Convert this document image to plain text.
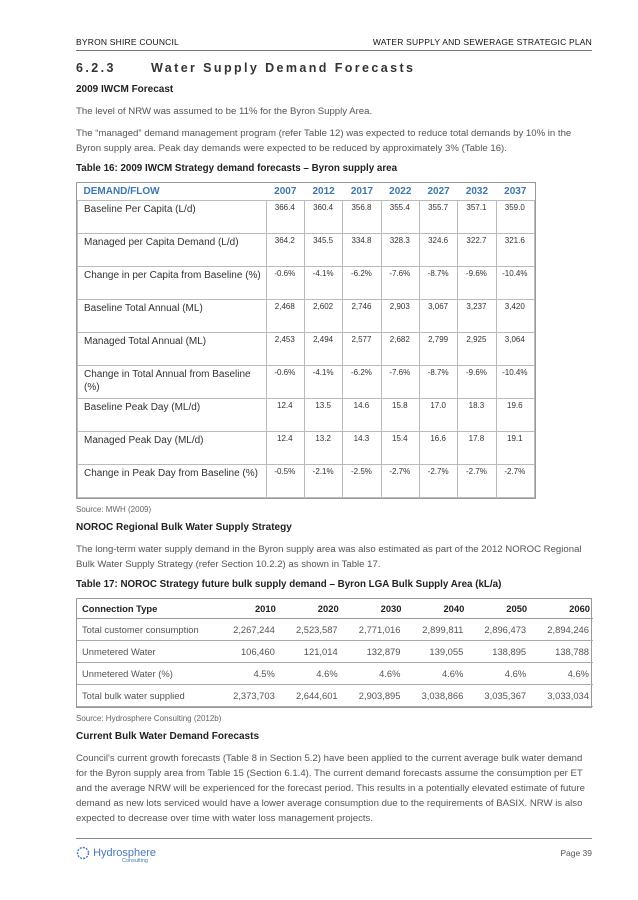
BYRON SHIRE COUNCIL	WATER SUPPLY AND SEWERAGE STRATEGIC PLAN
6.2.3      Water Supply Demand Forecasts
2009 IWCM Forecast

The level of NRW was assumed to be 11% for the Byron Supply Area.

The “managed” demand management program (refer Table 12) was expected to reduce total demands by 10% in the Byron supply area. Peak day demands were expected to be reduced by approximately 3% (Table 16).

Table 16: 2009 IWCM Strategy demand forecasts – Byron supply area
DEMAND/FLOW	2007	2012	2017	2022	2027	2032	2037
Baseline Per Capita (L/d)	366.4	360.4	356.8	355.4	355.7	357.1	359.0
Managed per Capita Demand (L/d)	364.2	345.5	334.8	328.3	324.6	322.7	321.6
Change in per Capita from Baseline (%)	-0.6%	-4.1%	-6.2%	-7.6%	-8.7%	-9.6%	-10.4%
Baseline Total Annual (ML)	2,468	2,602	2,746	2,903	3,067	3,237	3,420
Managed Total Annual (ML)	2,453	2,494	2,577	2,682	2,799	2,925	3,064
Change in Total Annual from Baseline (%)	-0.6%	-4.1%	-6.2%	-7.6%	-8.7%	-9.6%	-10.4%
Baseline Peak Day (ML/d)	12.4	13.5	14.6	15.8	17.0	18.3	19.6
Managed Peak Day (ML/d)	12.4	13.2	14.3	15.4	16.6	17.8	19.1
Change in Peak Day from Baseline (%)	-0.5%	-2.1%	-2.5%	-2.7%	-2.7%	-2.7%	-2.7%
Source: MWH (2009)
NOROC Regional Bulk Water Supply Strategy

The long-term water supply demand in the Byron supply area was also estimated as part of the 2012 NOROC Regional Bulk Water Supply Strategy (refer Section 10.2.2) as shown in Table 17.

Table 17: NOROC Strategy future bulk supply demand – Byron LGA Bulk Supply Area (kL/a)
Connection Type	2010	2020	2030	2040	2050	2060
Total customer consumption	2,267,244	2,523,587	2,771,016	2,899,811	2,896,473	2,894,246
Unmetered Water	106,460	121,014	132,879	139,055	138,895	138,788
Unmetered Water (%)	4.5%	4.6%	4.6%	4.6%	4.6%	4.6%
Total bulk water supplied	2,373,703	2,644,601	2,903,895	3,038,866	3,035,367	3,033,034
Source: Hydrosphere Consulting (2012b)
Current Bulk Water Demand Forecasts

Council's current growth forecasts (Table 8 in Section 5.2) have been applied to the current average bulk water demand for the Byron supply area from Table 15 (Section 6.1.4). The current demand forecasts assume the consumption per ET and the average NRW will be experienced for the forecast period. This results in a potentially elevated estimate of future demand as new lots serviced would have a lower average consumption due to the requirements of BASIX. NRW is also expected to decrease over time with water loss management projects.

Hydrosphere
Consulting
Page 39
